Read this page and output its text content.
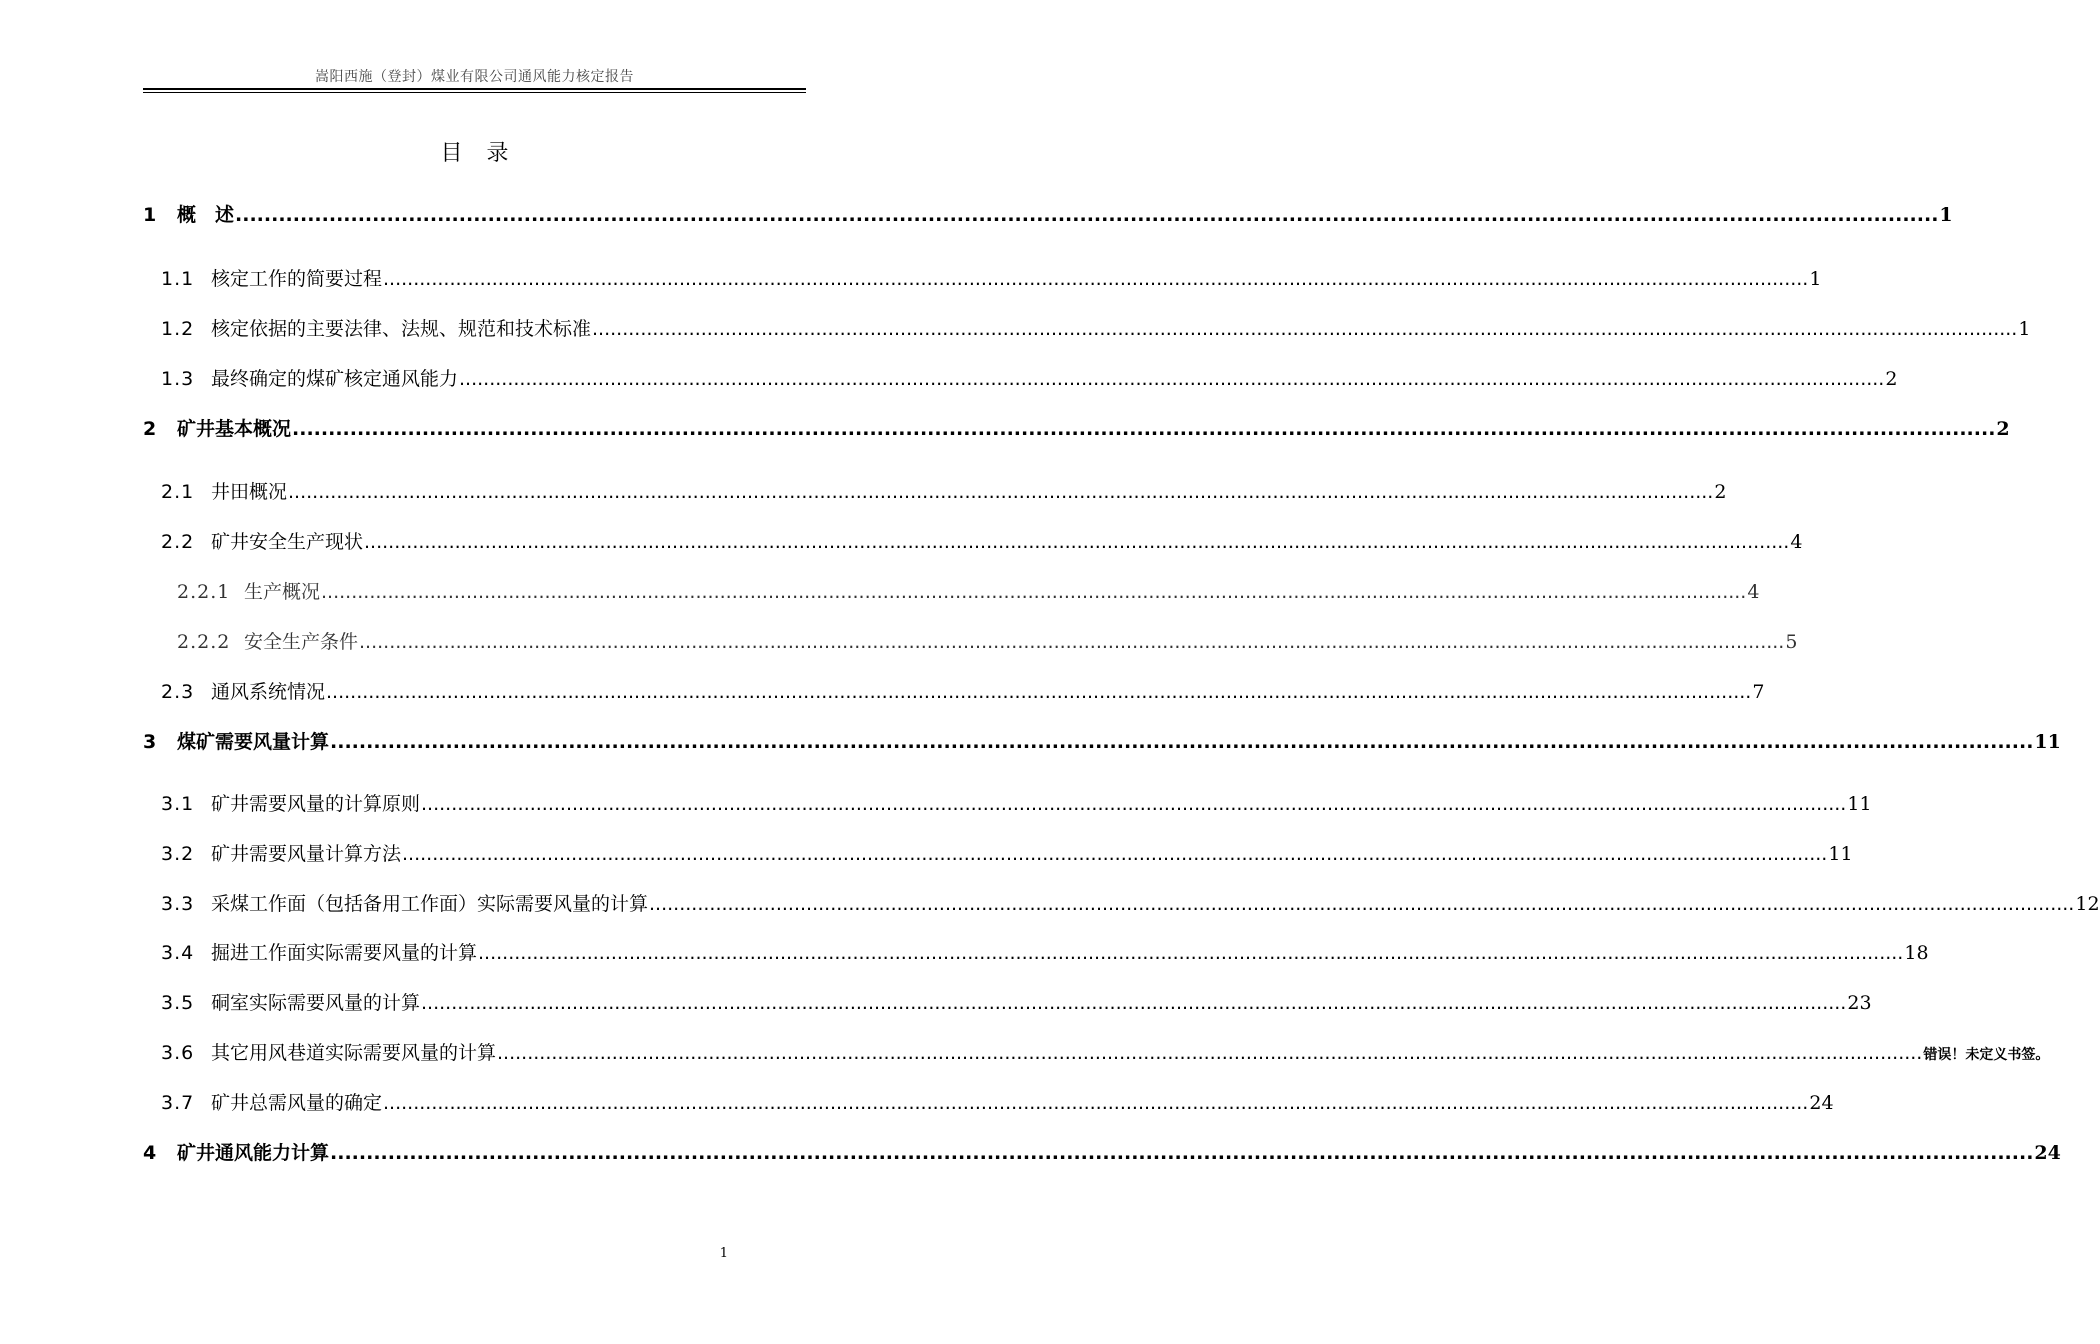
嵩阳西施（登封）煤业有限公司通风能力核定报告
目录
1	概　述 ............................................................................................................................................................................................................................................ 1
1.1 核定工作的简要过程 ............................................................................................................................................................................................................................................ 1
1.2 核定依据的主要法律、法规、规范和技术标准 ............................................................................................................................................................................................................................................ 1
1.3 最终确定的煤矿核定通风能力 ............................................................................................................................................................................................................................................ 2
2	矿井基本概况 ............................................................................................................................................................................................................................................ 2
2.1 井田概况 ............................................................................................................................................................................................................................................ 2
2.2 矿井安全生产现状 ............................................................................................................................................................................................................................................ 4
2.2.1 生产概况 ............................................................................................................................................................................................................................................ 4
2.2.2 安全生产条件 ............................................................................................................................................................................................................................................ 5
2.3 通风系统情况 ............................................................................................................................................................................................................................................ 7
3	煤矿需要风量计算 ............................................................................................................................................................................................................................................ 11
3.1 矿井需要风量的计算原则 ............................................................................................................................................................................................................................................ 11
3.2 矿井需要风量计算方法 ............................................................................................................................................................................................................................................ 11
3.3 采煤工作面（包括备用工作面）实际需要风量的计算 ............................................................................................................................................................................................................................................ 12
3.4 掘进工作面实际需要风量的计算 ............................................................................................................................................................................................................................................ 18
3.5 硐室实际需要风量的计算 ............................................................................................................................................................................................................................................ 23
3.6 其它用风巷道实际需要风量的计算 ............................................................................................................................................................................................................................................ 错误！未定义书签。
3.7 矿井总需风量的确定 ............................................................................................................................................................................................................................................ 24
4	矿井通风能力计算 ............................................................................................................................................................................................................................................ 24
1
